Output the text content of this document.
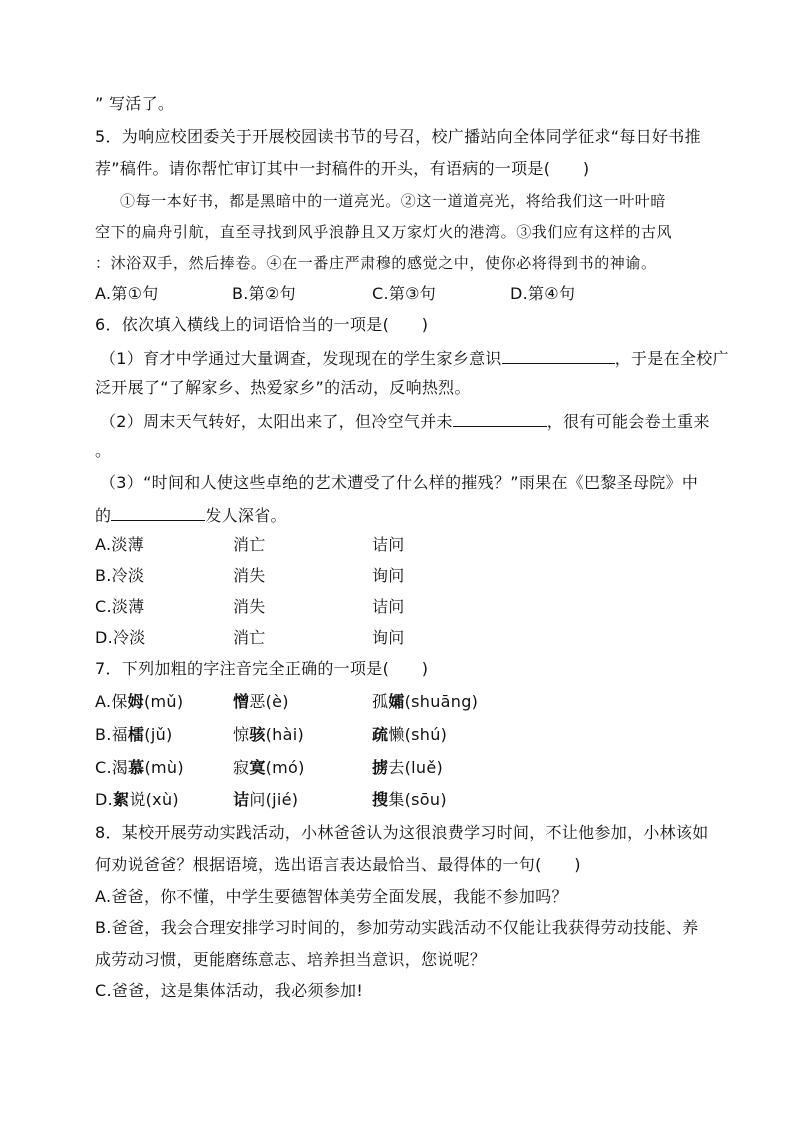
” 写活了。
5．为响应校团委关于开展校园读书节的号召，校广播站向全体同学征求“每日好书推
荐”稿件。请你帮忙审订其中一封稿件的开头，有语病的一项是(　　)
①每一本好书，都是黑暗中的一道亮光。②这一道道亮光，将给我们这一叶叶暗
空下的扁舟引航，直至寻找到风乎浪静且又万家灯火的港湾。③我们应有这样的古风
：沐浴双手，然后捧卷。④在一番庄严肃穆的感觉之中，使你必将得到书的神谕。
A.第①句	B.第②句	C.第③句	D.第④句
6．依次填入横线上的词语恰当的一项是(　　)
（1）育才中学通过大量调查，发现现在的学生家乡意识	，于是在全校广
泛开展了“了解家乡、热爱家乡”的活动，反响热烈。
（2）周末天气转好，太阳出来了，但冷空气并未	，很有可能会卷土重来
。
（3）“时间和人使这些卓绝的艺术遭受了什么样的摧残？”雨果在《巴黎圣母院》中
的	发人深省。
A.淡薄	消亡	诘问
B.冷淡	消失	询问
C.淡薄	消失	诘问
D.冷淡	消亡	询问
7．下列加粗的字注音完全正确的一项是(　　)
A.保姆(mǔ)	憎恶(è)	孤孀(shuāng)
B.福檑(jǔ)	惊骇(hài)	疏懒(shú)
C.渴慕(mù)	寂寞(mó)	掳去(luě)
D.絮说(xù)	诘问(jié)	搜集(sōu)
8．某校开展劳动实践活动，小林爸爸认为这很浪费学习时间，不让他参加，小林该如
何劝说爸爸？根据语境，选出语言表达最恰当、最得体的一句(　　)
A.爸爸，你不懂，中学生要德智体美劳全面发展，我能不参加吗？
B.爸爸，我会合理安排学习时间的，参加劳动实践活动不仅能让我获得劳动技能、养
成劳动习惯，更能磨练意志、培养担当意识，您说呢？
C.爸爸，这是集体活动，我必须参加!
